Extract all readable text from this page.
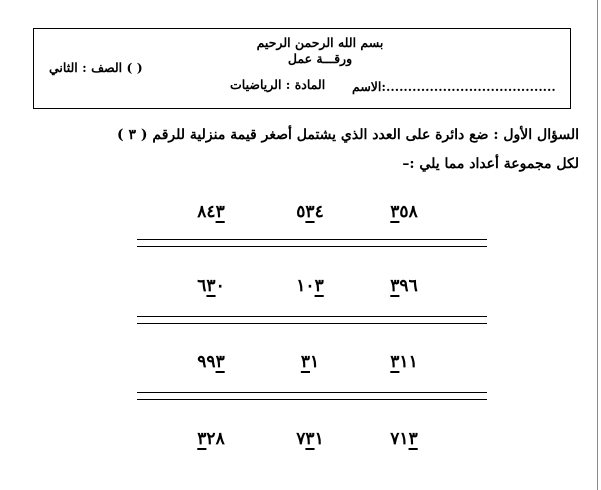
بسم الله الرحمن الرحيم
ورقـــة عمل
الصف : الثاني ( )
المادة : الرياضيات الاسم:.......................................

السؤال الأول : ضع دائرة على العدد الذي يشتمل أصغر قيمة منزلية للرقم ( ٣ )

لكل مجموعة أعداد مما يلي :–

٣٥٨
٥٣٤
٨٤٣
٣٩٦
١٠٣
٦٣٠
٣١١
٣١
٩٩٣
٧١٣
٧٣١
٣٢٨
